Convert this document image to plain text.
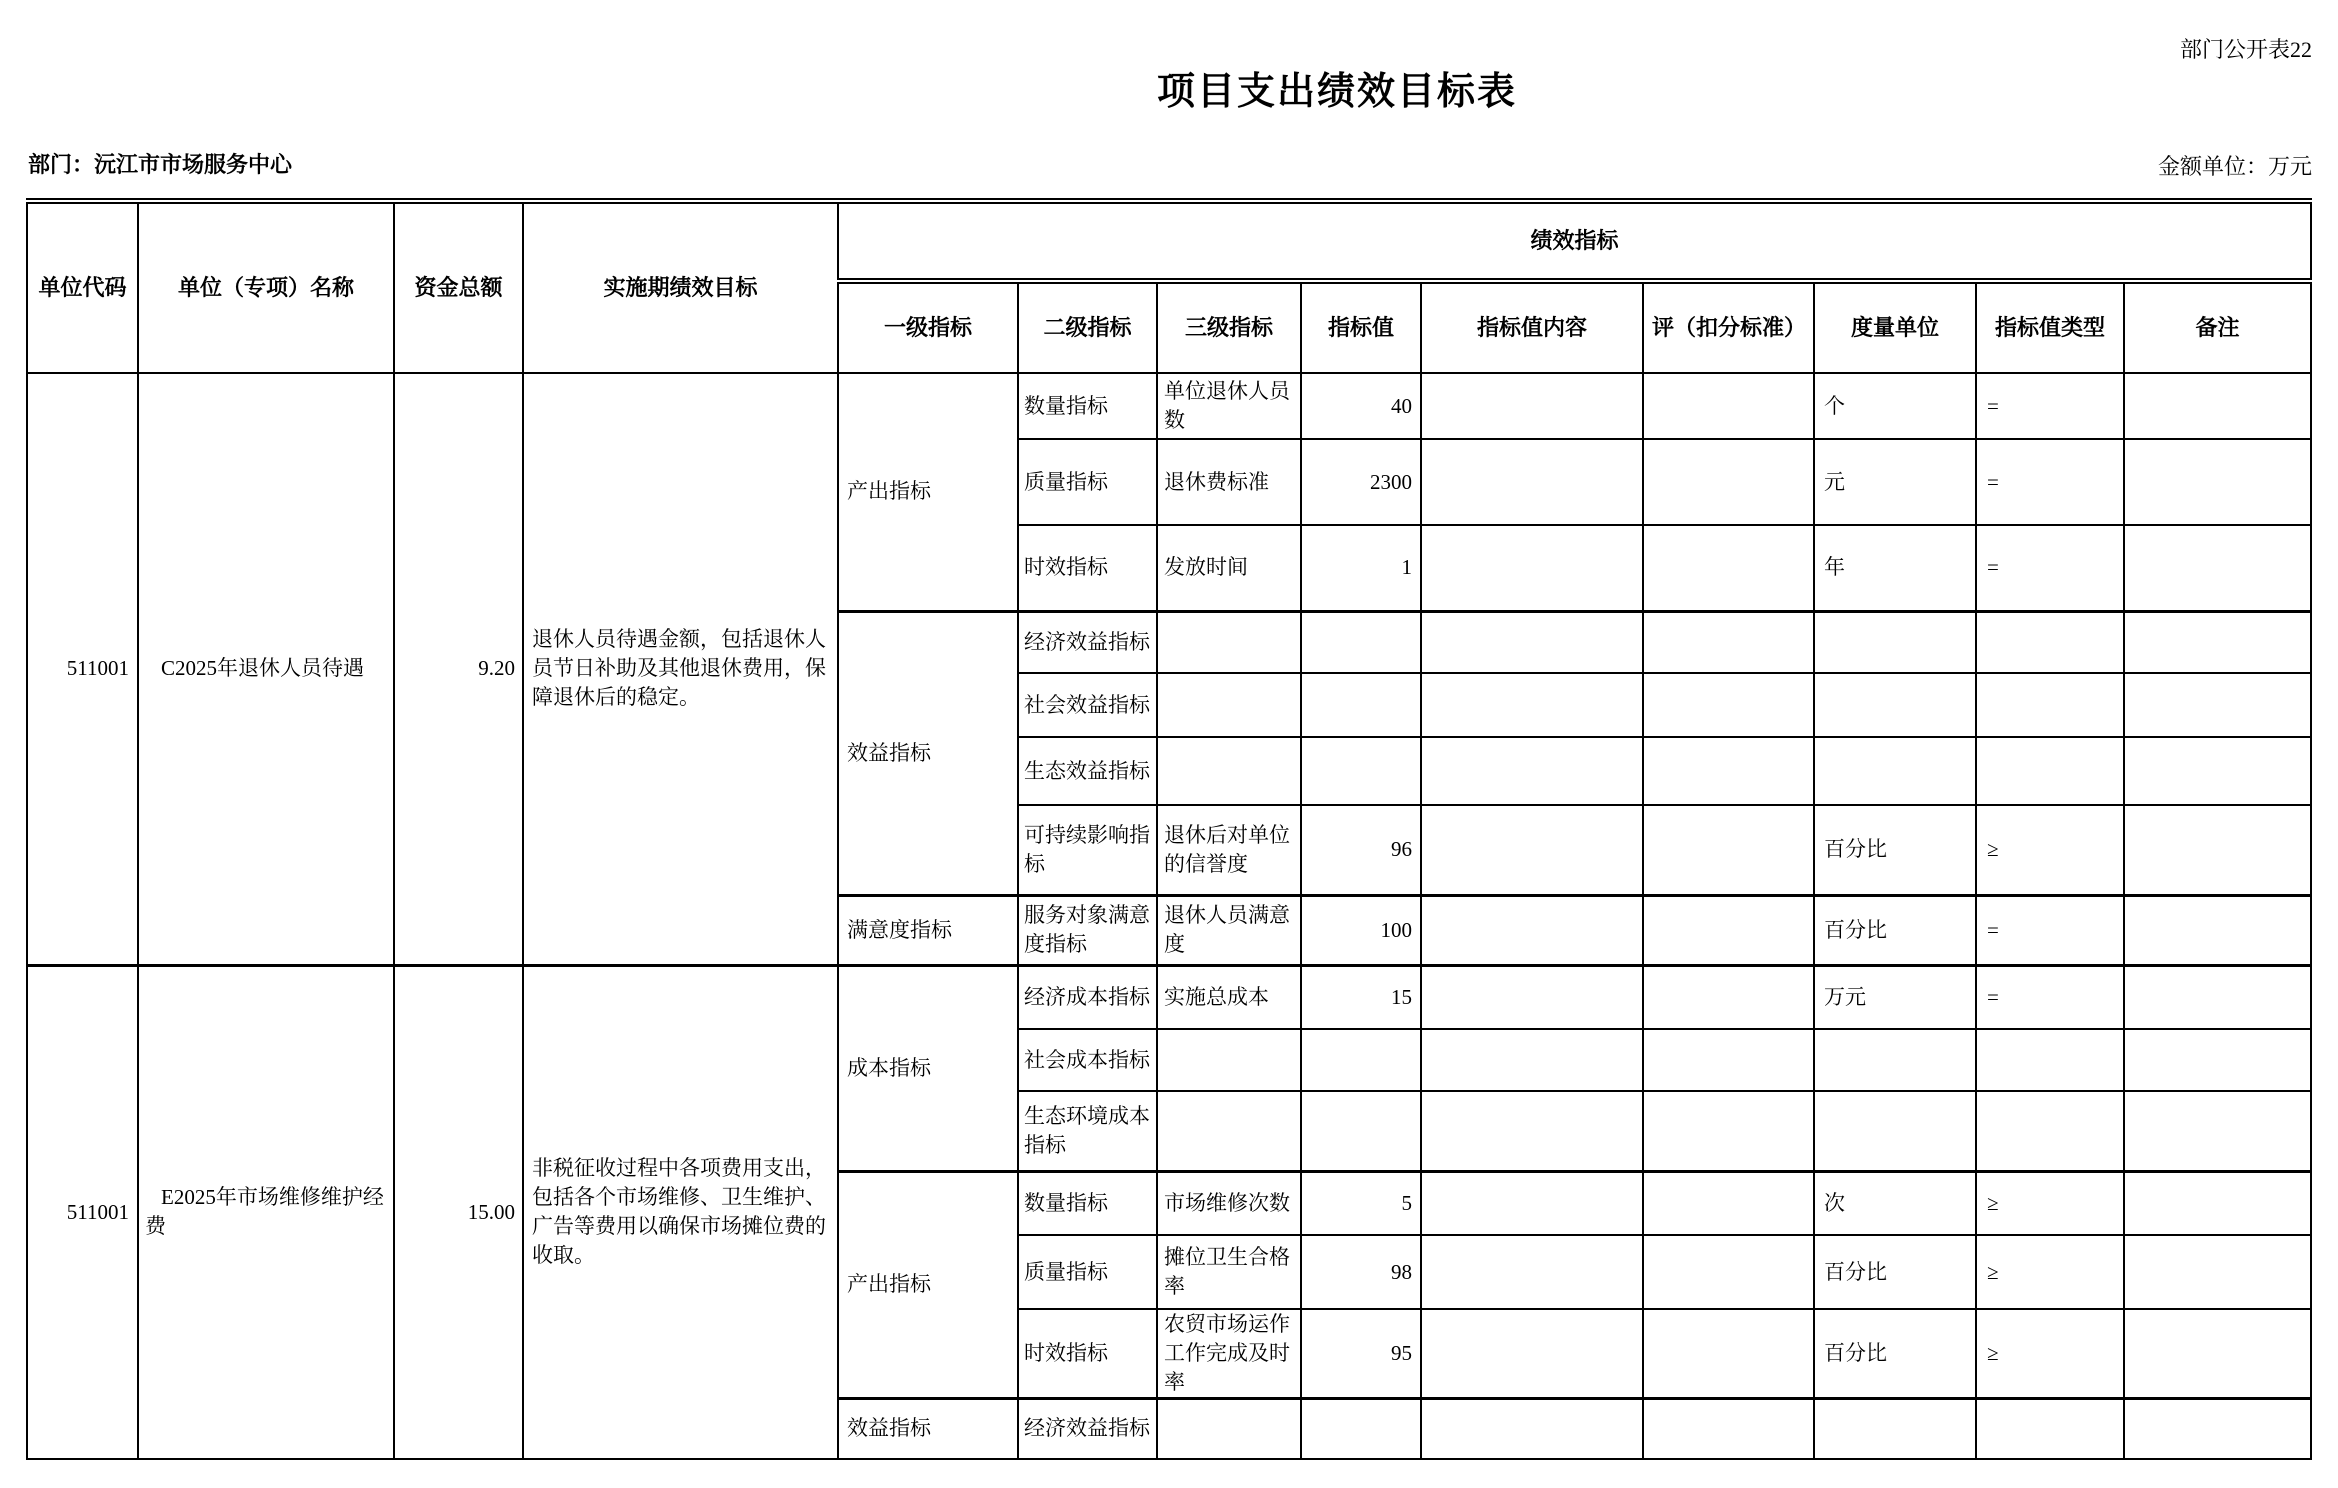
部门公开表22
项目支出绩效目标表
部门：沅江市市场服务中心	金额单位：万元
单位代码	单位（专项）名称	资金总额	实施期绩效目标	绩效指标								
				一级指标	二级指标	三级指标	指标值	指标值内容	评（扣分标准）	度量单位	指标值类型	备注
511001	C2025年退休人员待遇	9.20	退休人员待遇金额，包括退休人员节日补助及其他退休费用，保障退休后的稳定。	产出指标	数量指标	单位退休人员数	40			个	=	
					质量指标	退休费标准	2300			元	=	
					时效指标	发放时间	1			年	=	
				效益指标	经济效益指标							
					社会效益指标							
					生态效益指标							
					可持续影响指标	退休后对单位的信誉度	96			百分比	≥	
				满意度指标	服务对象满意度指标	退休人员满意度	100			百分比	=	
511001	E2025年市场维修维护经费	15.00	非税征收过程中各项费用支出，包括各个市场维修、卫生维护、广告等费用以确保市场摊位费的收取。	成本指标	经济成本指标	实施总成本	15			万元	=	
					社会成本指标							
					生态环境成本指标							
				产出指标	数量指标	市场维修次数	5			次	≥	
					质量指标	摊位卫生合格率	98			百分比	≥	
					时效指标	农贸市场运作工作完成及时率	95			百分比	≥	
				效益指标	经济效益指标							
